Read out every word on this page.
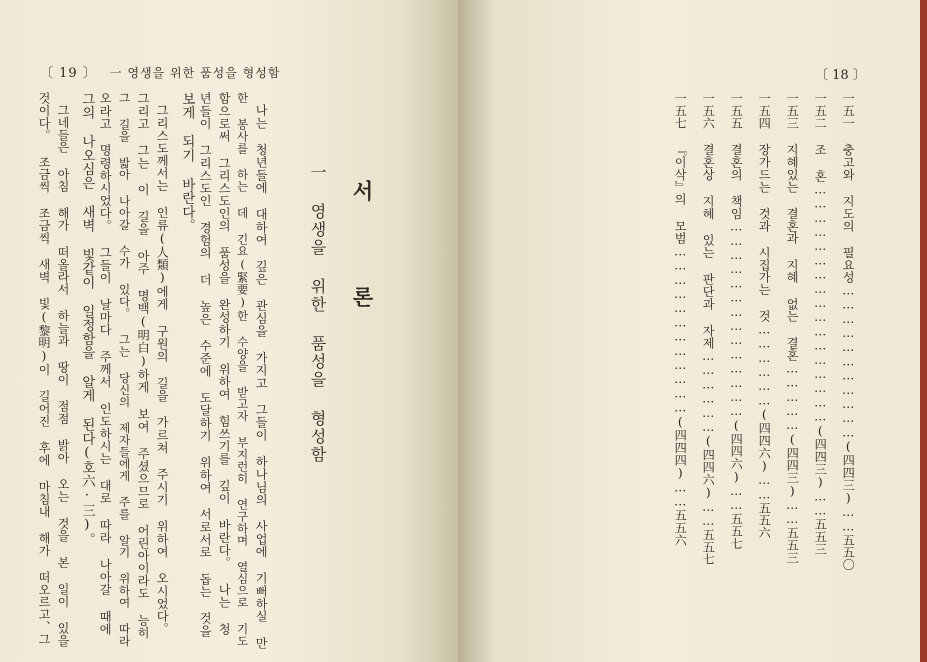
〔 19 〕 一 영생을 위한 품성을 형성함
서 론
一 영생을 위한 품성을 형성함
나는 청년들에 대하여 깊은 관심을 가지고 그들이 하나님의 사업에 기뻐하실 만
한 봉사를 하는 데 긴요(緊要)한 수양을 받고자 부지런히 연구하며 열심으로 기도
함으로써 그리스도인의 품성을 완성하기 위하여 힘쓰기를 깊이 바란다。 나는 청
년들이 그리스도인 경험의 더 높은 수준에 도달하기 위하여 서로서로 돕는 것을
보게 되기 바란다。
그리스도께서는 인류(人類)에게 구원의 길을 가르쳐 주시기 위하여 오시었다。
그리고 그는 이 길을 아주 명백(明白)하게 보여 주셨으므로 어린아이라도 능히
그 길을 밟아 나아갈 수가 있다。 그는 당신의 제자들에게 주를 알기 위하여 따라
오라고 명령하시었다。 그들이 날마다 주께서 인도하시는 대로 따라 나아갈 때에
그의 나오심은 새벽 빛같이 일정함을 알게 된다(호六·三)。
그네들은 아침 해가 떠올라서 하늘과 땅이 점점 밝아 오는 것을 본 일이 있을
것이다。 조금씩 조금씩 새벽 빛(黎明)이 길어진 후에 마침내 해가 떠오르고、그
〔 18 〕
一五一 충고와 지도의 필요성……………………………(四四三)……五五〇
一五二 조 혼……………………………………………(四四三)……五五三
一五三 지혜있는 결혼과 지혜 없는 결혼……………(四四三)……五五三
一五四 장가드는 것과 시집가는 것………………(四四六)……五五六
一五五 결혼의 책임……………………………………(四四六)……五五七
一五六 결혼상 지혜 있는 판단과 자제………………(四四六)……五五七
一五七 『이삭』의 모범………………………………(四四四)……五五六
